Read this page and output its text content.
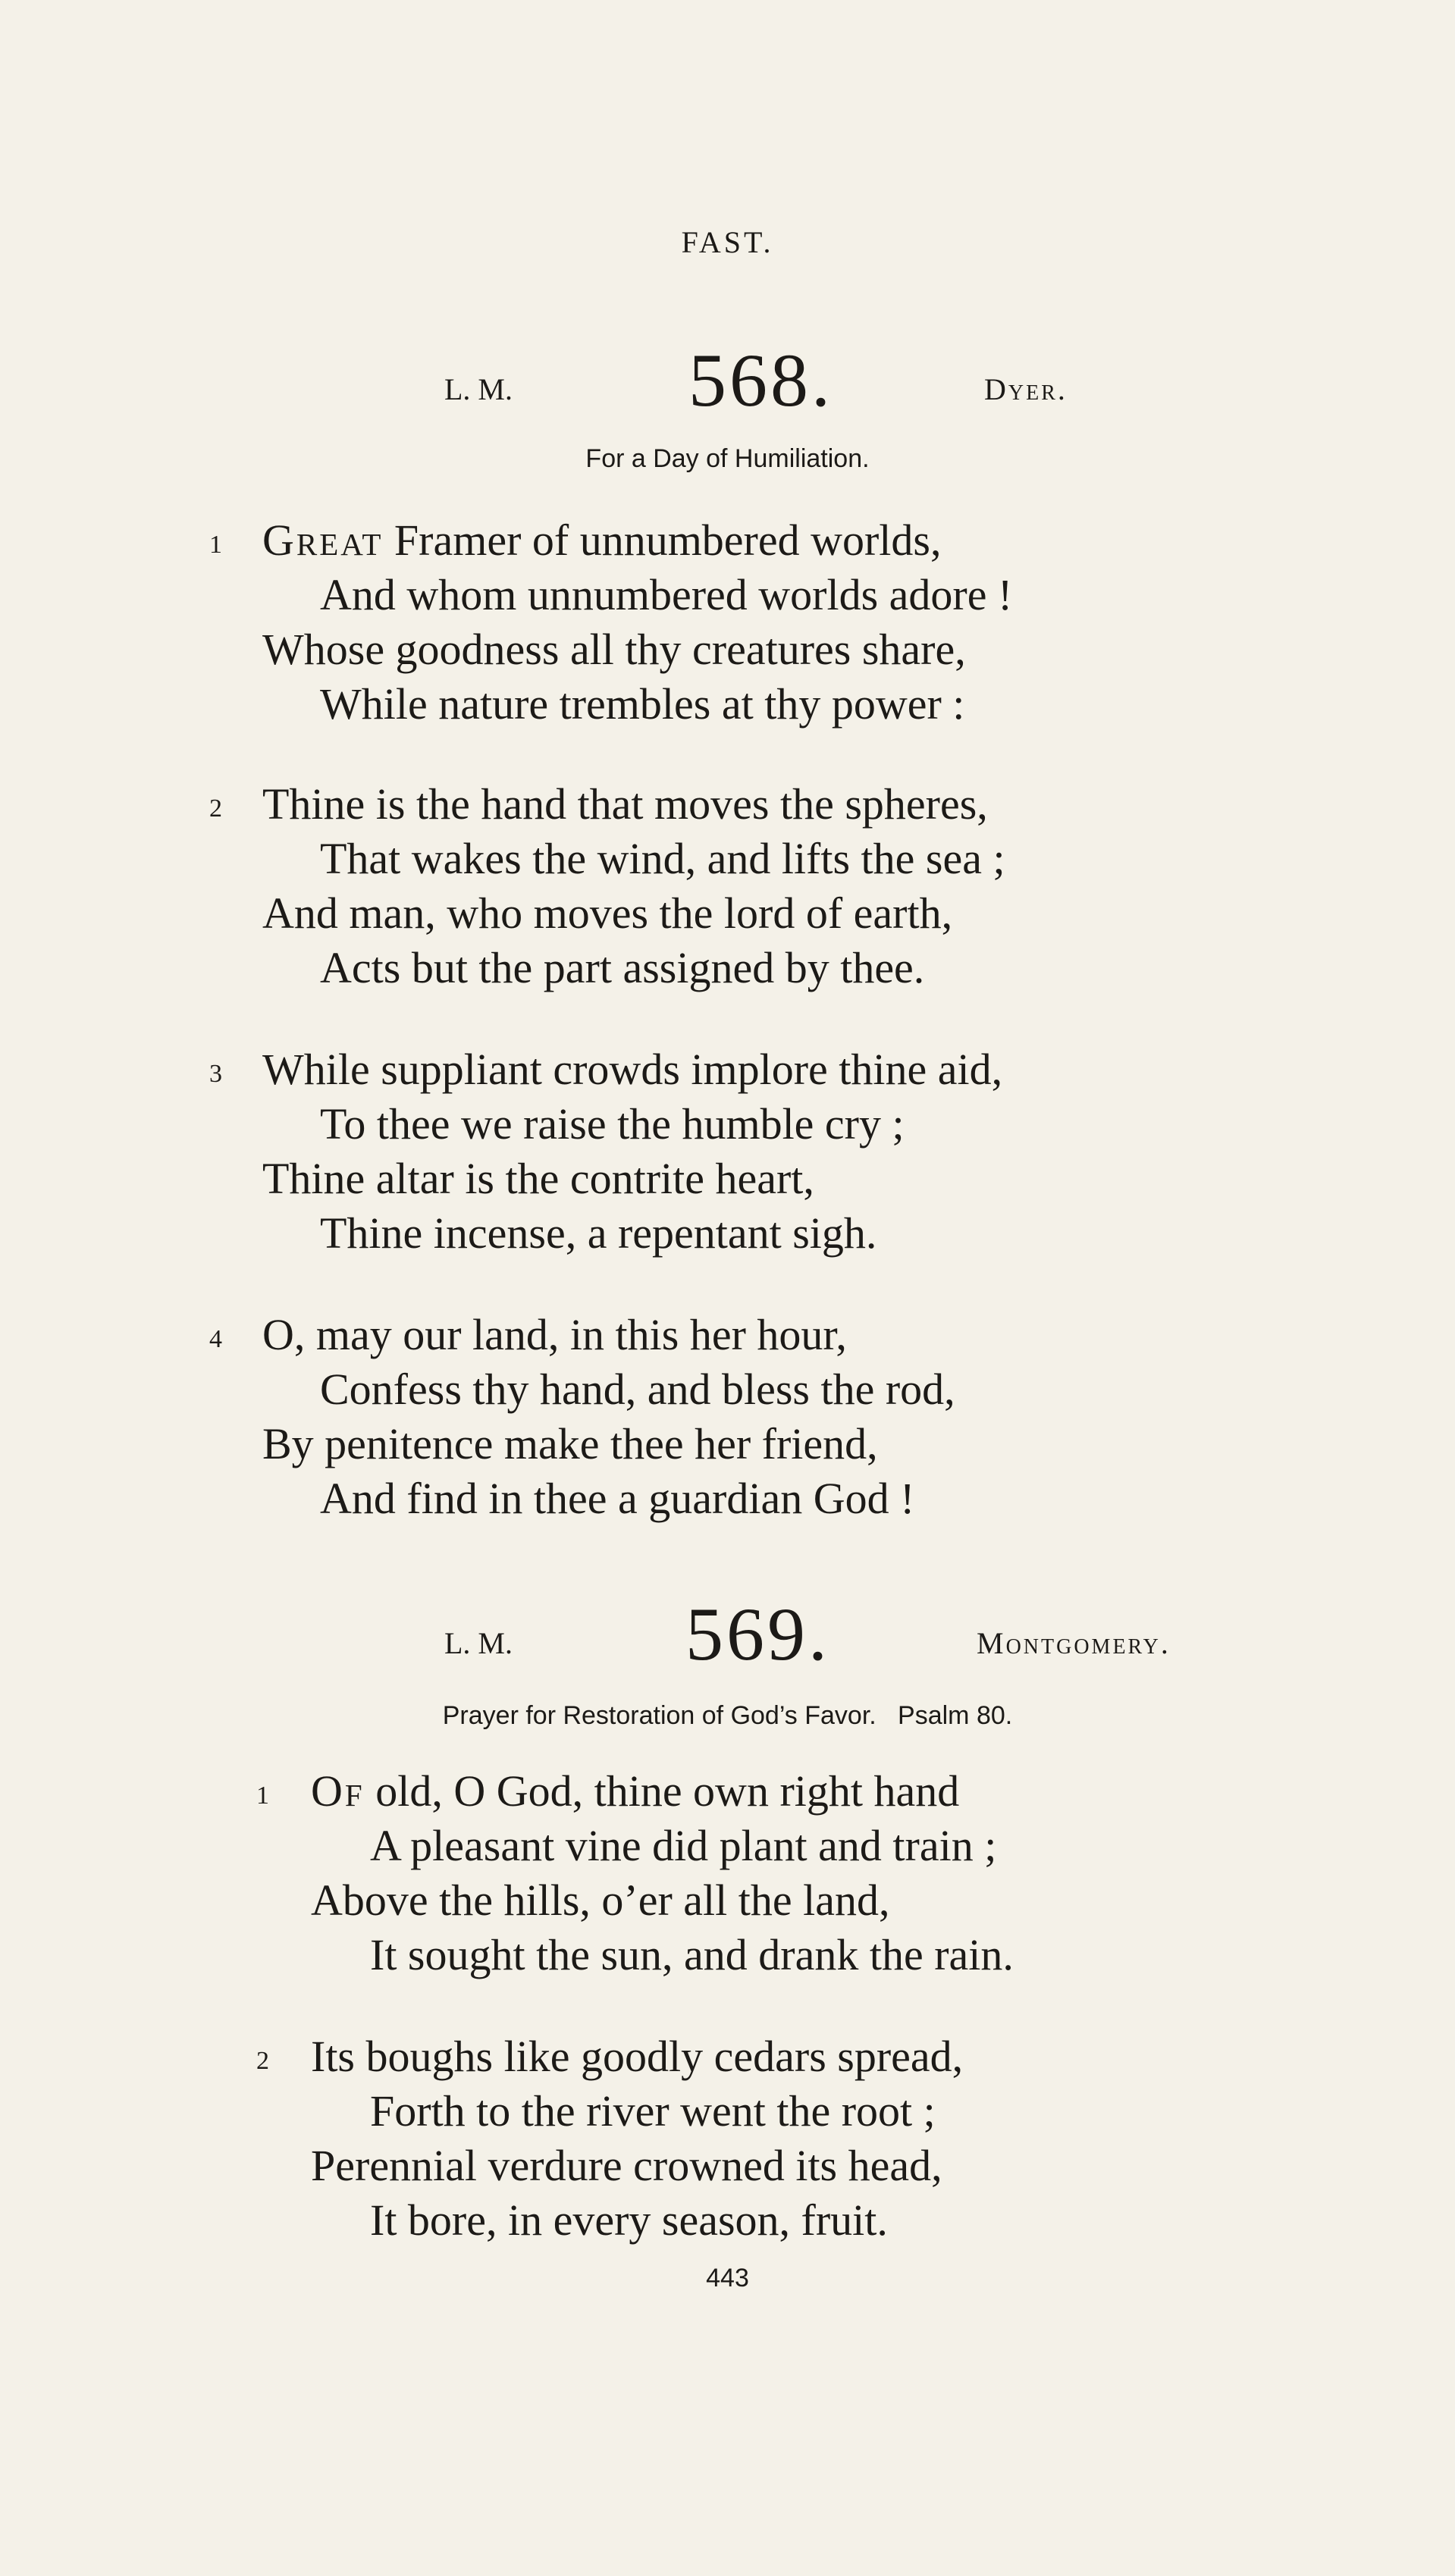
FAST.
L. M. 568.	Dyer.
For a Day of Humiliation.
1 Great Framer of unnumbered worlds,
And whom unnumbered worlds adore !
Whose goodness all thy creatures share,
While nature trembles at thy power :
2 Thine is the hand that moves the spheres,
That wakes the wind, and lifts the sea ;
And man, who moves the lord of earth,
Acts but the part assigned by thee.
3 While suppliant crowds implore thine aid,
To thee we raise the humble cry ;
Thine altar is the contrite heart,
Thine incense, a repentant sigh.
4 O, may our land, in this her hour,
Confess thy hand, and bless the rod,
By penitence make thee her friend,
And find in thee a guardian God !
L. M. 569.	Montgomery.
Prayer for Restoration of God’s Favor.   Psalm 80.
1 Of old, O God, thine own right hand
A pleasant vine did plant and train ;
Above the hills, o’er all the land,
It sought the sun, and drank the rain.
2 Its boughs like goodly cedars spread,
Forth to the river went the root ;
Perennial verdure crowned its head,
It bore, in every season, fruit.
443
